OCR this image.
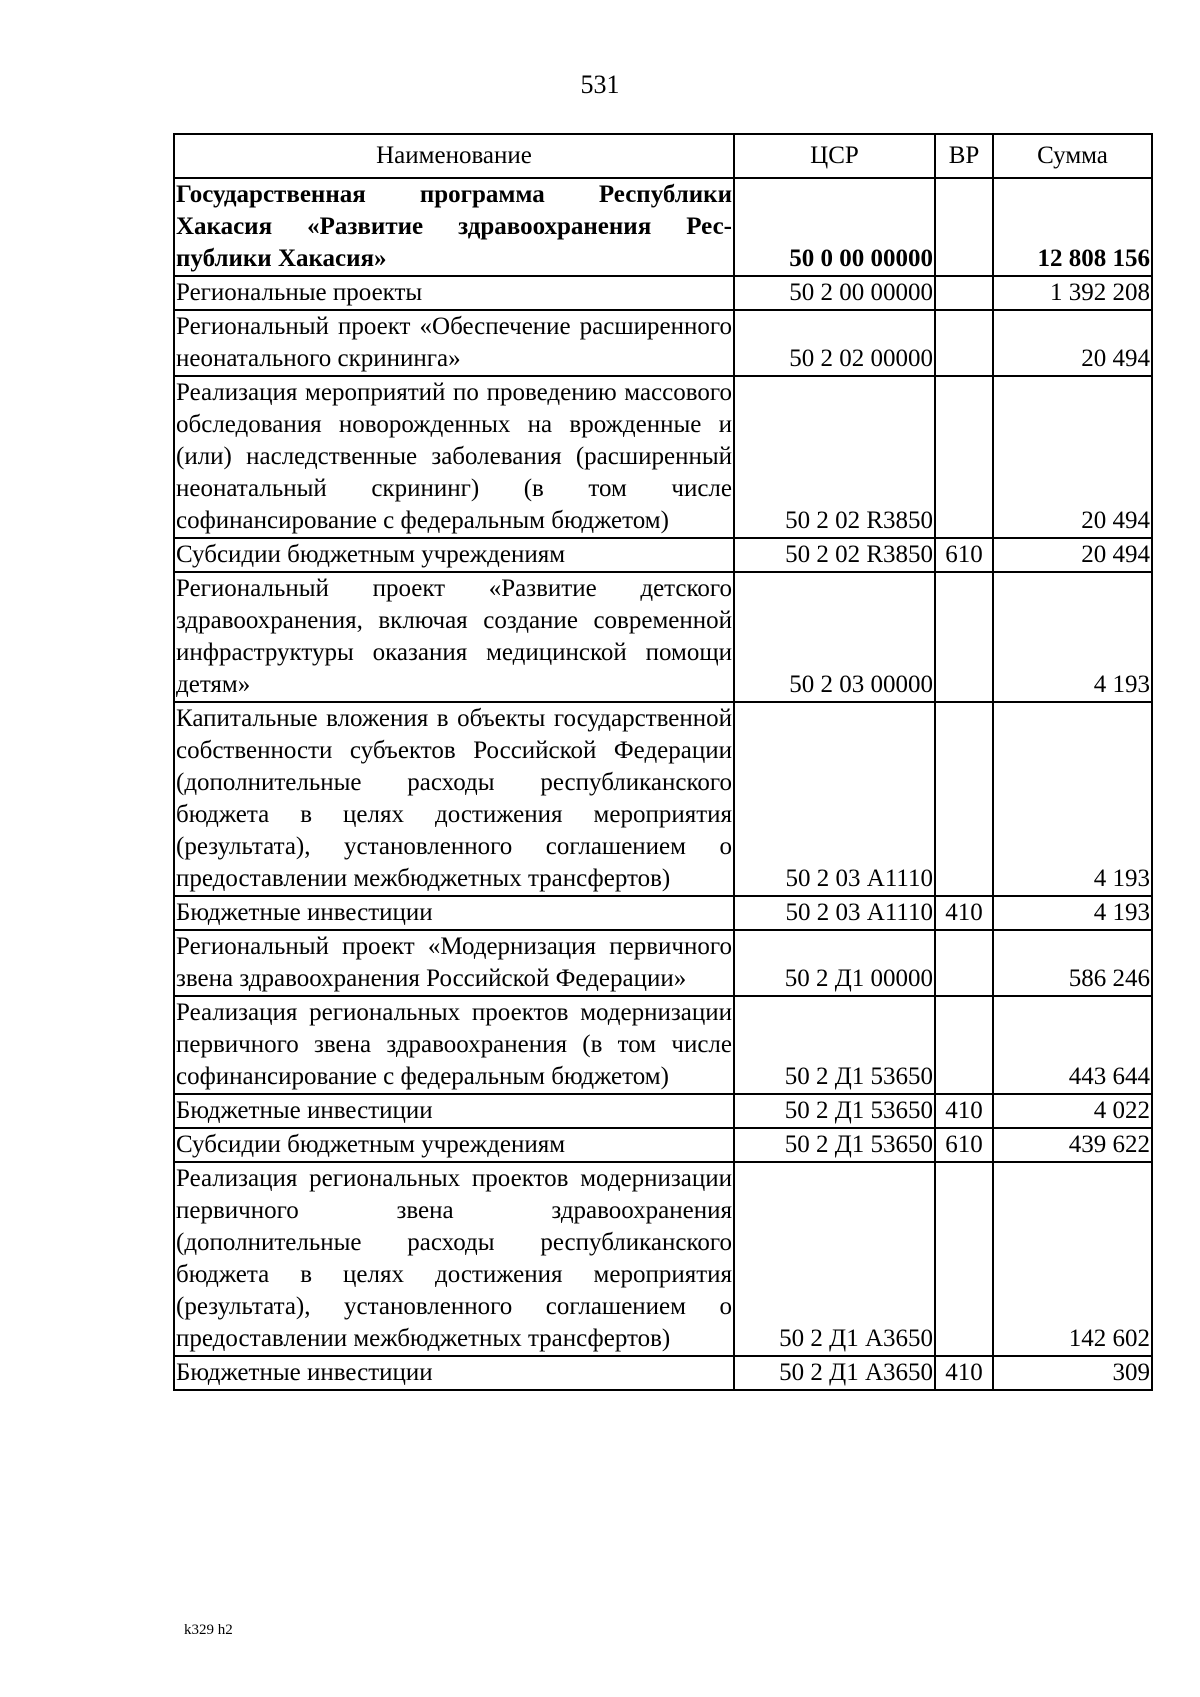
531
Наименование	ЦСР	ВР	Сумма
Государственная программа Республики Хакасия «Развитие здравоохранения Республики Хакасия»	50 0 00 00000		12 808 156
Региональные проекты	50 2 00 00000		1 392 208
Региональный проект «Обеспечение расширенного неонатального скрининга»	50 2 02 00000		20 494
Реализация мероприятий по проведению массового обследования новорожденных на врожденные и (или) наследственные заболевания (расширенный неонатальный скрининг) (в том числе софинансирование с федеральным бюджетом)	50 2 02 R3850		20 494
Субсидии бюджетным учреждениям	50 2 02 R3850	610	20 494
Региональный проект «Развитие детского здравоохранения, включая создание современной инфраструктуры оказания медицинской помощи детям»	50 2 03 00000		4 193
Капитальные вложения в объекты государственной собственности субъектов Российской Федерации (дополнительные расходы республиканского бюджета в целях достижения мероприятия (результата), установленного соглашением о предоставлении межбюджетных трансфертов)	50 2 03 А1110		4 193
Бюджетные инвестиции	50 2 03 А1110	410	4 193
Региональный проект «Модернизация первичного звена здравоохранения Российской Федерации»	50 2 Д1 00000		586 246
Реализация региональных проектов модернизации первичного звена здравоохранения (в том числе софинансирование с федеральным бюджетом)	50 2 Д1 53650		443 644
Бюджетные инвестиции	50 2 Д1 53650	410	4 022
Субсидии бюджетным учреждениям	50 2 Д1 53650	610	439 622
Реализация региональных проектов модернизации первичного звена здравоохранения (дополнительные расходы республиканского бюджета в целях достижения мероприятия (результата), установленного соглашением о предоставлении межбюджетных трансфертов)	50 2 Д1 А3650		142 602
Бюджетные инвестиции	50 2 Д1 А3650	410	309
k329 h2
